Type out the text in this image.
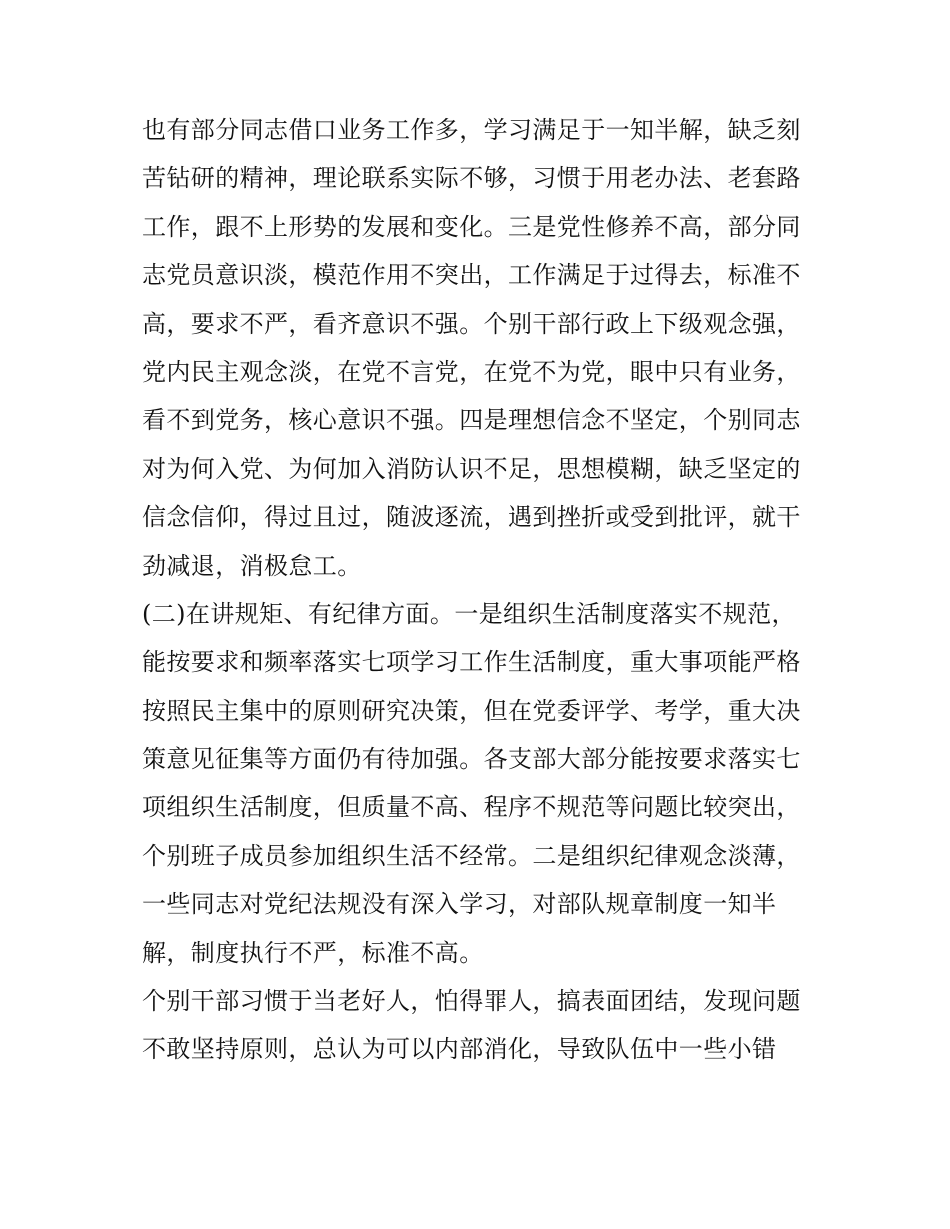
也有部分同志借口业务工作多，学习满足于一知半解，缺乏刻
苦钻研的精神，理论联系实际不够，习惯于用老办法、老套路
工作，跟不上形势的发展和变化。三是党性修养不高，部分同
志党员意识淡，模范作用不突出，工作满足于过得去，标准不
高，要求不严，看齐意识不强。个别干部行政上下级观念强，
党内民主观念淡，在党不言党，在党不为党，眼中只有业务，
看不到党务，核心意识不强。四是理想信念不坚定，个别同志
对为何入党、为何加入消防认识不足，思想模糊，缺乏坚定的
信念信仰，得过且过，随波逐流，遇到挫折或受到批评，就干
劲减退，消极怠工。
(二)在讲规矩、有纪律方面。一是组织生活制度落实不规范，
能按要求和频率落实七项学习工作生活制度，重大事项能严格
按照民主集中的原则研究决策，但在党委评学、考学，重大决
策意见征集等方面仍有待加强。各支部大部分能按要求落实七
项组织生活制度，但质量不高、程序不规范等问题比较突出，
个别班子成员参加组织生活不经常。二是组织纪律观念淡薄，
一些同志对党纪法规没有深入学习，对部队规章制度一知半
解，制度执行不严，标准不高。
个别干部习惯于当老好人，怕得罪人，搞表面团结，发现问题
不敢坚持原则，总认为可以内部消化，导致队伍中一些小错
